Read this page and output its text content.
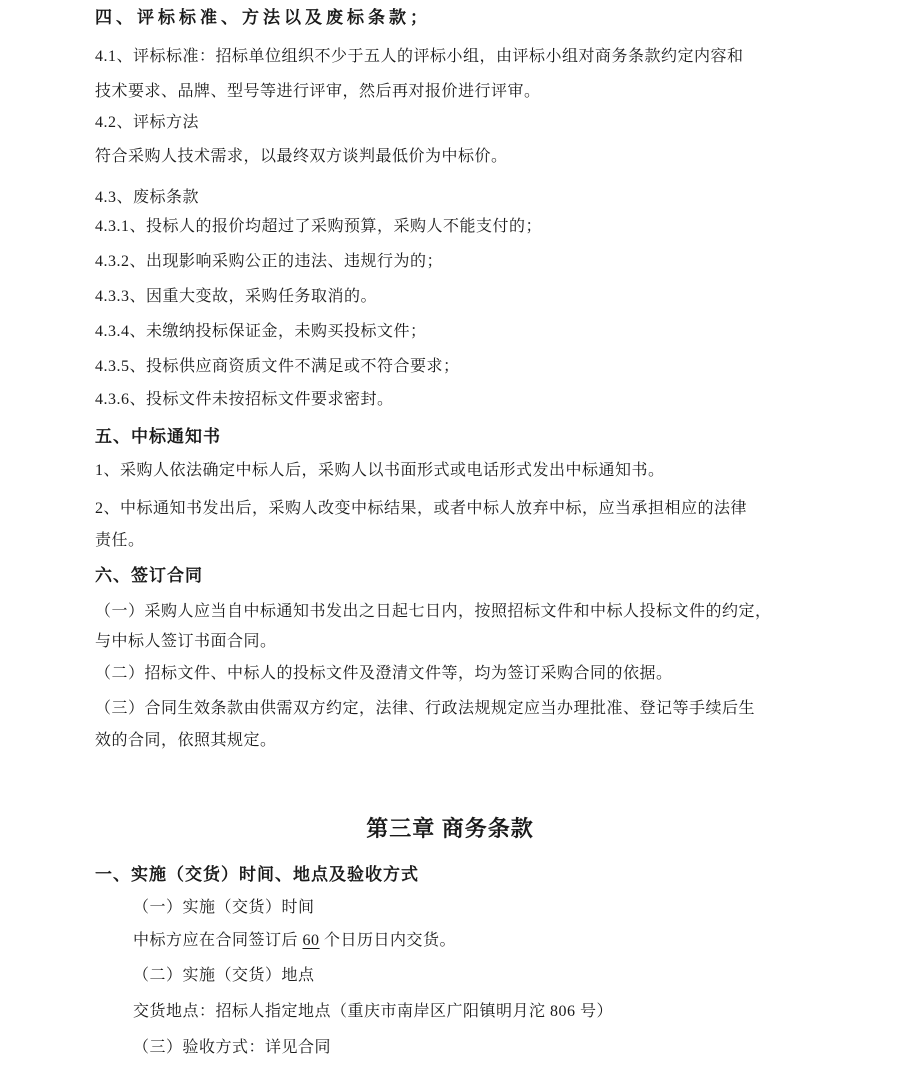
四、评标标准、方法以及废标条款；
4.1、评标标准：招标单位组织不少于五人的评标小组，由评标小组对商务条款约定内容和
技术要求、品牌、型号等进行评审，然后再对报价进行评审。
4.2、评标方法
符合采购人技术需求，以最终双方谈判最低价为中标价。
4.3、废标条款
4.3.1、投标人的报价均超过了采购预算，采购人不能支付的；
4.3.2、出现影响采购公正的违法、违规行为的；
4.3.3、因重大变故，采购任务取消的。
4.3.4、未缴纳投标保证金，未购买投标文件；
4.3.5、投标供应商资质文件不满足或不符合要求；
4.3.6、投标文件未按招标文件要求密封。
五、中标通知书
1、采购人依法确定中标人后，采购人以书面形式或电话形式发出中标通知书。
2、中标通知书发出后，采购人改变中标结果，或者中标人放弃中标，应当承担相应的法律
责任。
六、签订合同
（一）采购人应当自中标通知书发出之日起七日内，按照招标文件和中标人投标文件的约定，
与中标人签订书面合同。
（二）招标文件、中标人的投标文件及澄清文件等，均为签订采购合同的依据。
（三）合同生效条款由供需双方约定，法律、行政法规规定应当办理批准、登记等手续后生
效的合同，依照其规定。
第三章 商务条款
一、实施（交货）时间、地点及验收方式
（一）实施（交货）时间
中标方应在合同签订后 60 个日历日内交货。
（二）实施（交货）地点
交货地点：招标人指定地点（重庆市南岸区广阳镇明月沱 806 号）
（三）验收方式：详见合同
